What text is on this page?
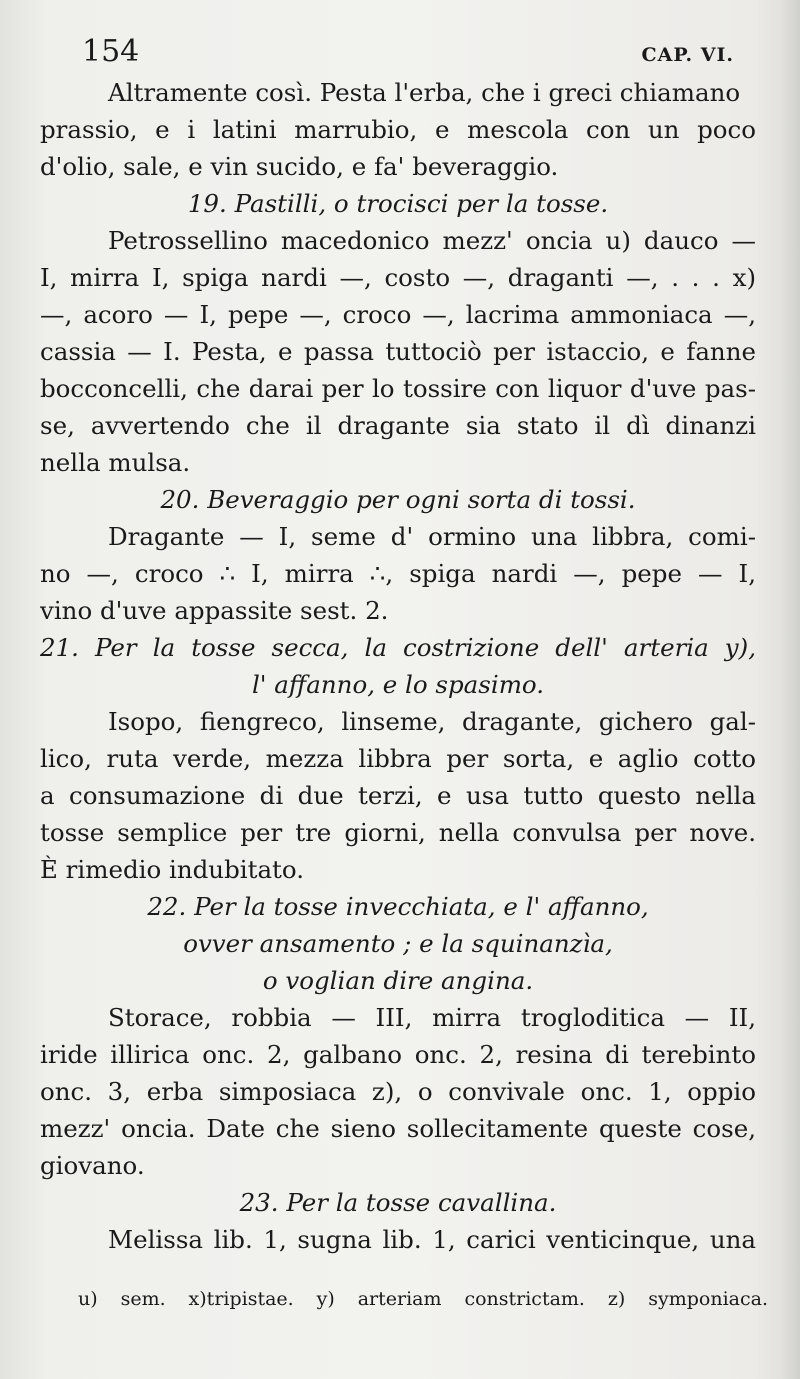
154	CAP. VI.
Altramente così. Pesta l'erba, che i greci chiamano
prassio, e i latini marrubio, e mescola con un poco
d'olio, sale, e vin sucido, e fa' beveraggio.
19. Pastilli, o trocisci per la tosse.
Petrossellino macedonico mezz' oncia u) dauco —
I, mirra I, spiga nardi —, costo —, draganti —, . . . x)
—, acoro — I, pepe —, croco —, lacrima ammoniaca —,
cassia — I. Pesta, e passa tuttociò per istaccio, e fanne
bocconcelli, che darai per lo tossire con liquor d'uve pas-
se, avvertendo che il dragante sia stato il dì dinanzi
nella mulsa.
20. Beveraggio per ogni sorta di tossi.
Dragante — I, seme d' ormino una libbra, comi-
no —, croco ∴ I, mirra ∴, spiga nardi —, pepe — I,
vino d'uve appassite sest. 2.
21. Per la tosse secca, la costrizione dell' arteria y),
l' affanno, e lo spasimo.
Isopo, fiengreco, linseme, dragante, gichero gal-
lico, ruta verde, mezza libbra per sorta, e aglio cotto
a consumazione di due terzi, e usa tutto questo nella
tosse semplice per tre giorni, nella convulsa per nove.
È rimedio indubitato.
22. Per la tosse invecchiata, e l' affanno,
ovver ansamento ; e la squinanzìa,
o voglian dire angina.
Storace, robbia — III, mirra trogloditica — II,
iride illirica onc. 2, galbano onc. 2, resina di terebinto
onc. 3, erba simposiaca z), o convivale onc. 1, oppio
mezz' oncia. Date che sieno sollecitamente queste cose,
giovano.
23. Per la tosse cavallina.
Melissa lib. 1, sugna lib. 1, carici venticinque, una
u) sem. x)tripistae. y) arteriam constrictam. z) symponiaca.
